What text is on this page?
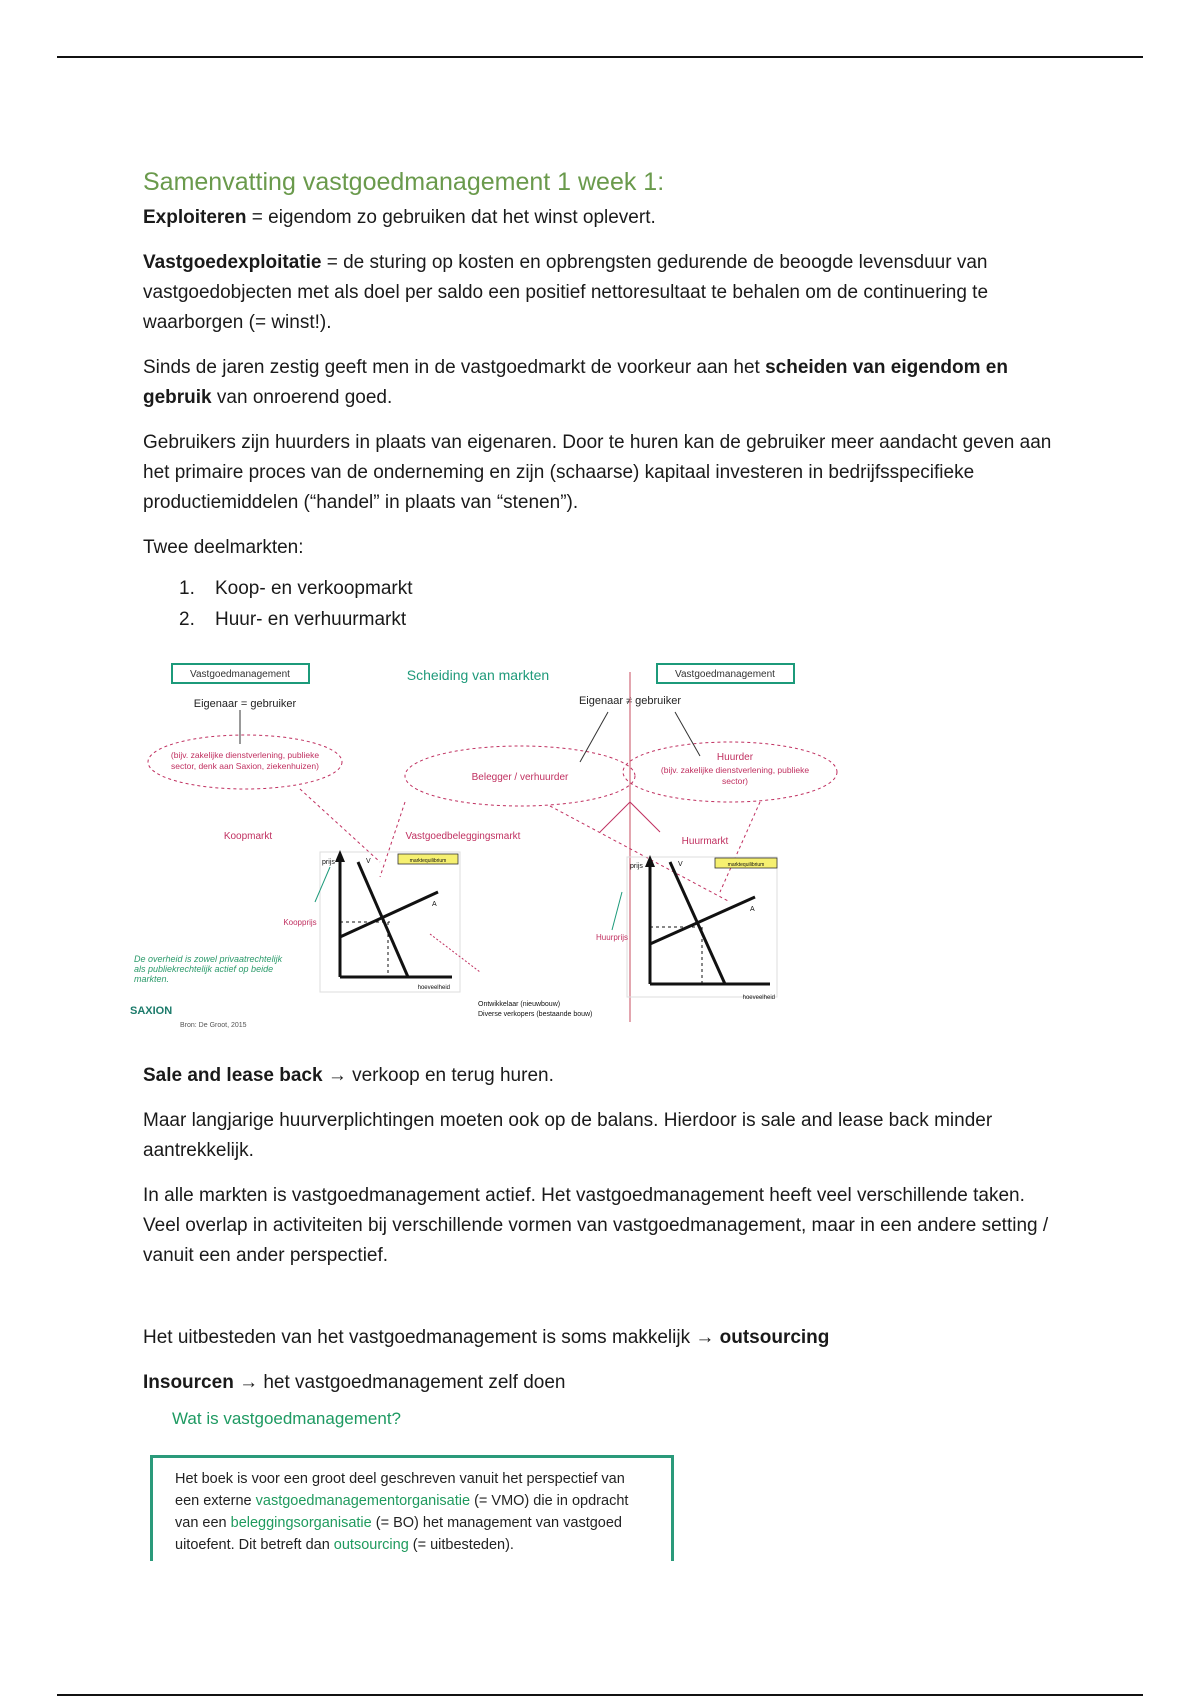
Samenvatting vastgoedmanagement 1 week 1:

Exploiteren = eigendom zo gebruiken dat het winst oplevert.

Vastgoedexploitatie = de sturing op kosten en opbrengsten gedurende de beoogde levensduur van vastgoedobjecten met als doel per saldo een positief nettoresultaat te behalen om de continuering te waarborgen (= winst!).

Sinds de jaren zestig geeft men in de vastgoedmarkt de voorkeur aan het scheiden van eigendom en gebruik van onroerend goed.

Gebruikers zijn huurders in plaats van eigenaren. Door te huren kan de gebruiker meer aandacht geven aan het primaire proces van de onderneming en zijn (schaarse) kapitaal investeren in bedrijfsspecifieke productiemiddelen (“handel” in plaats van “stenen”).

Twee deelmarkten:

1.	Koop- en verkoopmarkt
2.	Huur- en verhuurmarkt
Vastgoedmanagement	Vastgoedmanagement
Scheiding van markten
Eigenaar = gebruiker	Eigenaar ≠ gebruiker
(bijv. zakelijke dienstverlening, publieke
sector, denk aan Saxion, ziekenhuizen)
Belegger / verhuurder
Huurder
(bijv. zakelijke dienstverlening, publieke
sector)
Koopmarkt	Vastgoedbeleggingsmarkt	Huurmarkt
prijs	V
A
marktequilibrium
hoeveelheid
Koopprijs
prijs	V
A
marktequilibrium
hoeveelheid
Huurprijs
De overheid is zowel privaatrechtelijk
als publiekrechtelijk actief op beide
markten.
Ontwikkelaar (nieuwbouw)
Diverse verkopers (bestaande bouw)
SAXION
Bron: De Groot, 2015

Sale and lease back → verkoop en terug huren.

Maar langjarige huurverplichtingen moeten ook op de balans. Hierdoor is sale and lease back minder aantrekkelijk.

In alle markten is vastgoedmanagement actief. Het vastgoedmanagement heeft veel verschillende taken. Veel overlap in activiteiten bij verschillende vormen van vastgoedmanagement, maar in een andere setting / vanuit een ander perspectief.

Het uitbesteden van het vastgoedmanagement is soms makkelijk → outsourcing

Insourcen → het vastgoedmanagement zelf doen

Wat is vastgoedmanagement?
Het boek is voor een groot deel geschreven vanuit het perspectief van een externe vastgoedmanagementorganisatie (= VMO) die in opdracht van een beleggingsorganisatie (= BO) het management van vastgoed uitoefent. Dit betreft dan outsourcing (= uitbesteden).
